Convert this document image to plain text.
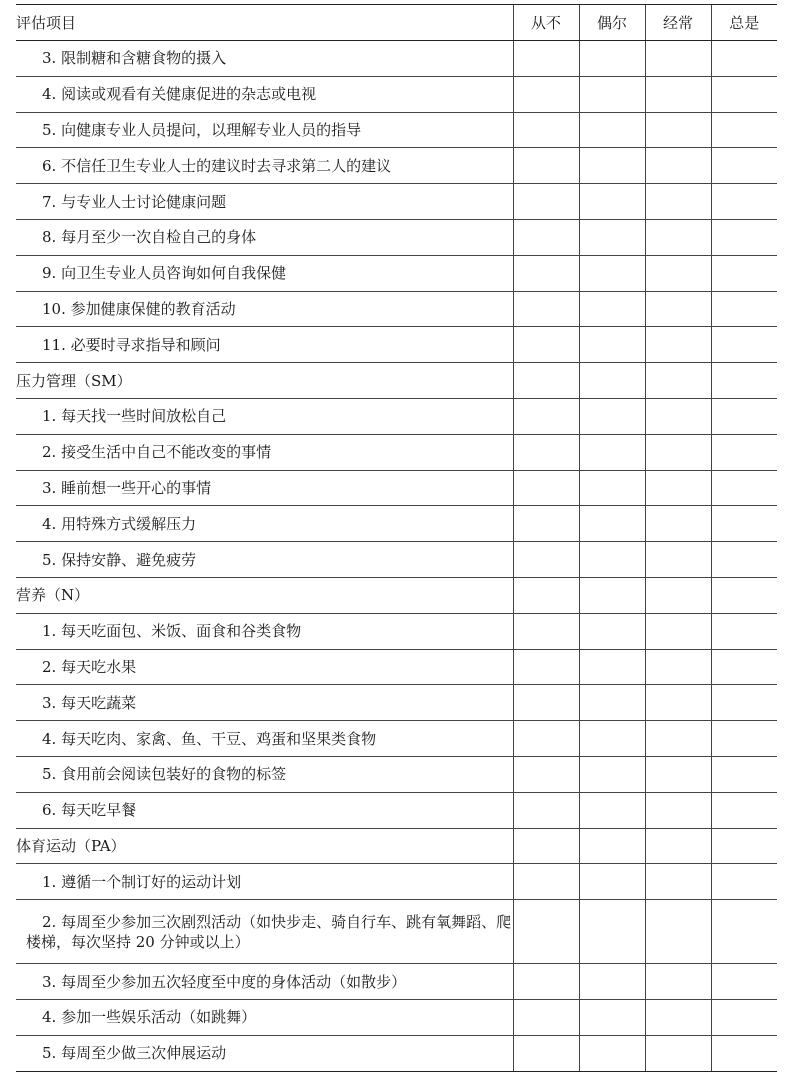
评估项目	从不	偶尔	经常	总是
3. 限制糖和含糖食物的摄入				
4. 阅读或观看有关健康促进的杂志或电视				
5. 向健康专业人员提问，以理解专业人员的指导				
6. 不信任卫生专业人士的建议时去寻求第二人的建议				
7. 与专业人士讨论健康问题				
8. 每月至少一次自检自己的身体				
9. 向卫生专业人员咨询如何自我保健				
10. 参加健康保健的教育活动				
11. 必要时寻求指导和顾问				
压力管理（SM）				
1. 每天找一些时间放松自己				
2. 接受生活中自己不能改变的事情				
3. 睡前想一些开心的事情				
4. 用特殊方式缓解压力				
5. 保持安静、避免疲劳				
营养（N）				
1. 每天吃面包、米饭、面食和谷类食物				
2. 每天吃水果				
3. 每天吃蔬菜				
4. 每天吃肉、家禽、鱼、干豆、鸡蛋和坚果类食物				
5. 食用前会阅读包装好的食物的标签				
6. 每天吃早餐				
体育运动（PA）				
1. 遵循一个制订好的运动计划				
2. 每周至少参加三次剧烈活动（如快步走、骑自行车、跳有氧舞蹈、爬楼梯，每次坚持 20 分钟或以上）				
3. 每周至少参加五次轻度至中度的身体活动（如散步）				
4. 参加一些娱乐活动（如跳舞）				
5. 每周至少做三次伸展运动				
